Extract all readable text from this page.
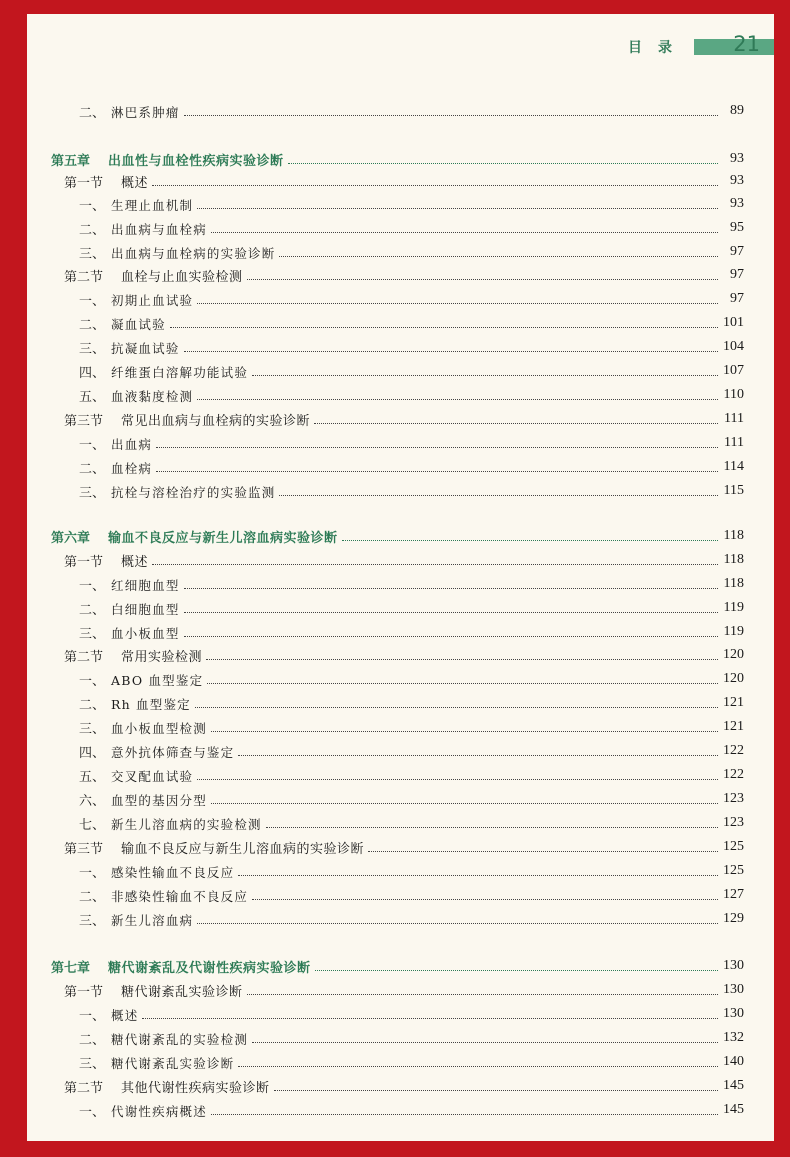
目录 21
二、 淋巴系肿瘤	89
第五章 出血性与血栓性疾病实验诊断	93
第一节 概述	93
一、 生理止血机制	93
二、 出血病与血栓病	95
三、 出血病与血栓病的实验诊断	97
第二节 血栓与止血实验检测	97
一、 初期止血试验	97
二、 凝血试验	101
三、 抗凝血试验	104
四、 纤维蛋白溶解功能试验	107
五、 血液黏度检测	110
第三节 常见出血病与血栓病的实验诊断	111
一、 出血病	111
二、 血栓病	114
三、 抗栓与溶栓治疗的实验监测	115
第六章 输血不良反应与新生儿溶血病实验诊断	118
第一节 概述	118
一、 红细胞血型	118
二、 白细胞血型	119
三、 血小板血型	119
第二节 常用实验检测	120
一、 ABO 血型鉴定	120
二、 Rh 血型鉴定	121
三、 血小板血型检测	121
四、 意外抗体筛查与鉴定	122
五、 交叉配血试验	122
六、 血型的基因分型	123
七、 新生儿溶血病的实验检测	123
第三节 输血不良反应与新生儿溶血病的实验诊断	125
一、 感染性输血不良反应	125
二、 非感染性输血不良反应	127
三、 新生儿溶血病	129
第七章 糖代谢紊乱及代谢性疾病实验诊断	130
第一节 糖代谢紊乱实验诊断	130
一、 概述	130
二、 糖代谢紊乱的实验检测	132
三、 糖代谢紊乱实验诊断	140
第二节 其他代谢性疾病实验诊断	145
一、 代谢性疾病概述	145
